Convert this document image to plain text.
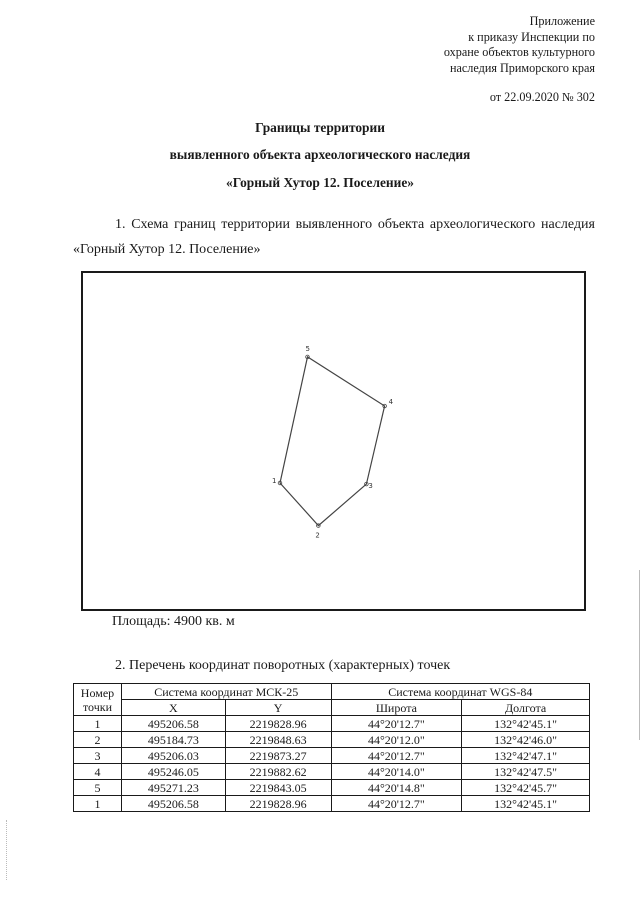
Приложение
к приказу Инспекции по
охране объектов культурного
наследия Приморского края
от 22.09.2020 № 302
Границы территории
выявленного объекта археологического наследия
«Горный Хутор 12. Поселение»
1. Схема границ территории выявленного объекта археологического наследия «Горный Хутор 12. Поселение»
1
2
3
4
5
Площадь: 4900 кв. м
2. Перечень координат поворотных (характерных) точек
Номер точки	Система координат МСК-25		Система координат WGS-84	
	X	Y	Широта	Долгота
1	495206.58	2219828.96	44°20'12.7"	132°42'45.1"
2	495184.73	2219848.63	44°20'12.0"	132°42'46.0"
3	495206.03	2219873.27	44°20'12.7"	132°42'47.1"
4	495246.05	2219882.62	44°20'14.0"	132°42'47.5"
5	495271.23	2219843.05	44°20'14.8"	132°42'45.7"
1	495206.58	2219828.96	44°20'12.7"	132°42'45.1"
